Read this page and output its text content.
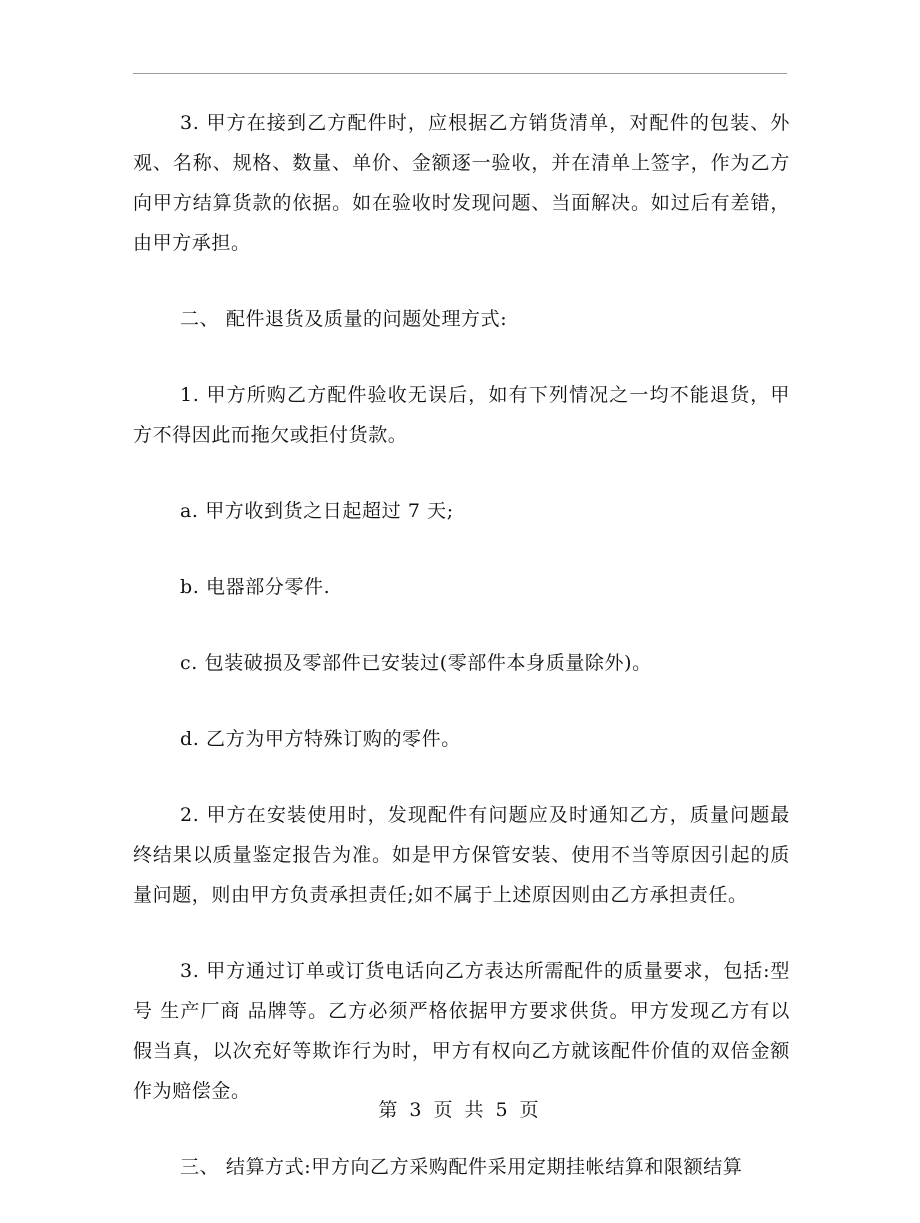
3. 甲方在接到乙方配件时，应根据乙方销货清单，对配件的包装、外观、名称、规格、数量、单价、金额逐一验收，并在清单上签字，作为乙方向甲方结算货款的依据。如在验收时发现问题、当面解决。如过后有差错，由甲方承担。

二、 配件退货及质量的问题处理方式:

1. 甲方所购乙方配件验收无误后，如有下列情况之一均不能退货，甲方不得因此而拖欠或拒付货款。

a. 甲方收到货之日起超过 7 天;

b. 电器部分零件.

c. 包装破损及零部件已安装过(零部件本身质量除外)。

d. 乙方为甲方特殊订购的零件。

2. 甲方在安装使用时，发现配件有问题应及时通知乙方，质量问题最终结果以质量鉴定报告为准。如是甲方保管安装、使用不当等原因引起的质量问题，则由甲方负责承担责任;如不属于上述原因则由乙方承担责任。

3. 甲方通过订单或订货电话向乙方表达所需配件的质量要求，包括:型号 生产厂商 品牌等。乙方必须严格依据甲方要求供货。甲方发现乙方有以假当真，以次充好等欺诈行为时，甲方有权向乙方就该配件价值的双倍金额作为赔偿金。

三、 结算方式:甲方向乙方采购配件采用定期挂帐结算和限额结算

第 3 页 共 5 页
